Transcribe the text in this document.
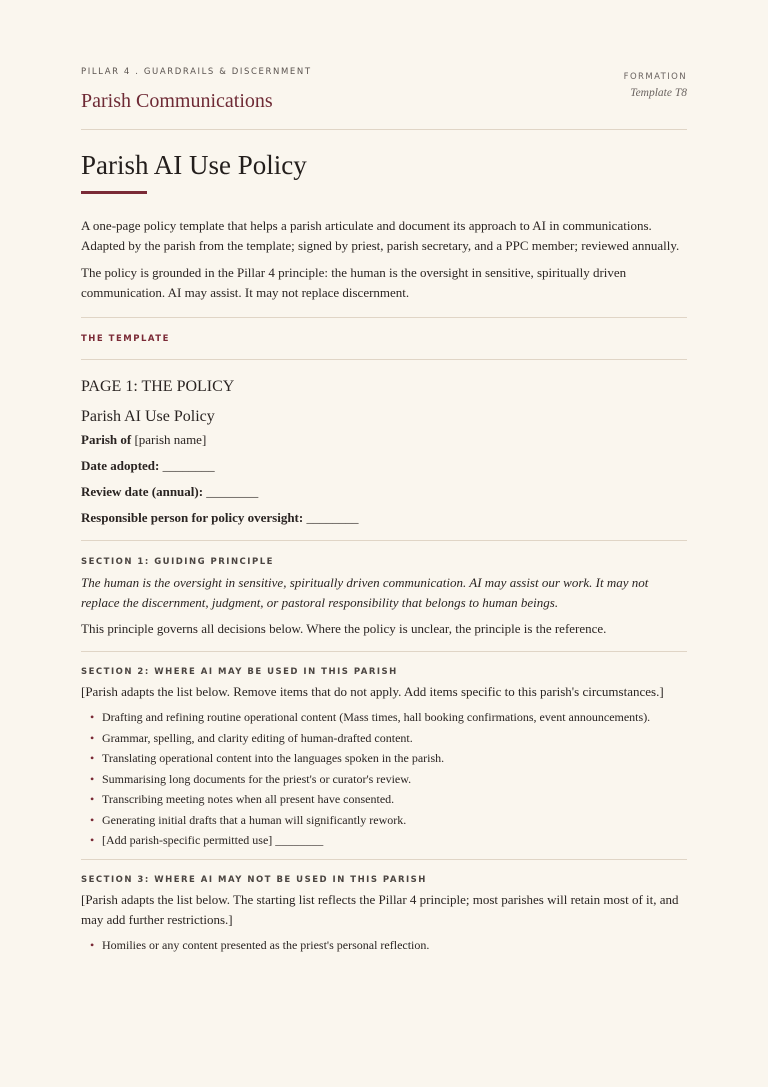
PILLAR 4 . GUARDRAILS & DISCERNMENT
Parish Communications
FORMATION
Template T8
Parish AI Use Policy

A one-page policy template that helps a parish articulate and document its approach to AI in communications. Adapted by the parish from the template; signed by priest, parish secretary, and a PPC member; reviewed annually.

The policy is grounded in the Pillar 4 principle: the human is the oversight in sensitive, spiritually driven communication. AI may assist. It may not replace discernment.

THE TEMPLATE
PAGE 1: THE POLICY
Parish AI Use Policy
Parish of [parish name]
Date adopted: ________
Review date (annual): ________
Responsible person for policy oversight: ________
SECTION 1: GUIDING PRINCIPLE
The human is the oversight in sensitive, spiritually driven communication. AI may assist our work. It may not replace the discernment, judgment, or pastoral responsibility that belongs to human beings.
This principle governs all decisions below. Where the policy is unclear, the principle is the reference.
SECTION 2: WHERE AI MAY BE USED IN THIS PARISH
[Parish adapts the list below. Remove items that do not apply. Add items specific to this parish's circumstances.]
• Drafting and refining routine operational content (Mass times, hall booking confirmations, event announcements).
• Grammar, spelling, and clarity editing of human-drafted content.
• Translating operational content into the languages spoken in the parish.
• Summarising long documents for the priest's or curator's review.
• Transcribing meeting notes when all present have consented.
• Generating initial drafts that a human will significantly rework.
• [Add parish-specific permitted use] ________
SECTION 3: WHERE AI MAY NOT BE USED IN THIS PARISH
[Parish adapts the list below. The starting list reflects the Pillar 4 principle; most parishes will retain most of it, and may add further restrictions.]
• Homilies or any content presented as the priest's personal reflection.
